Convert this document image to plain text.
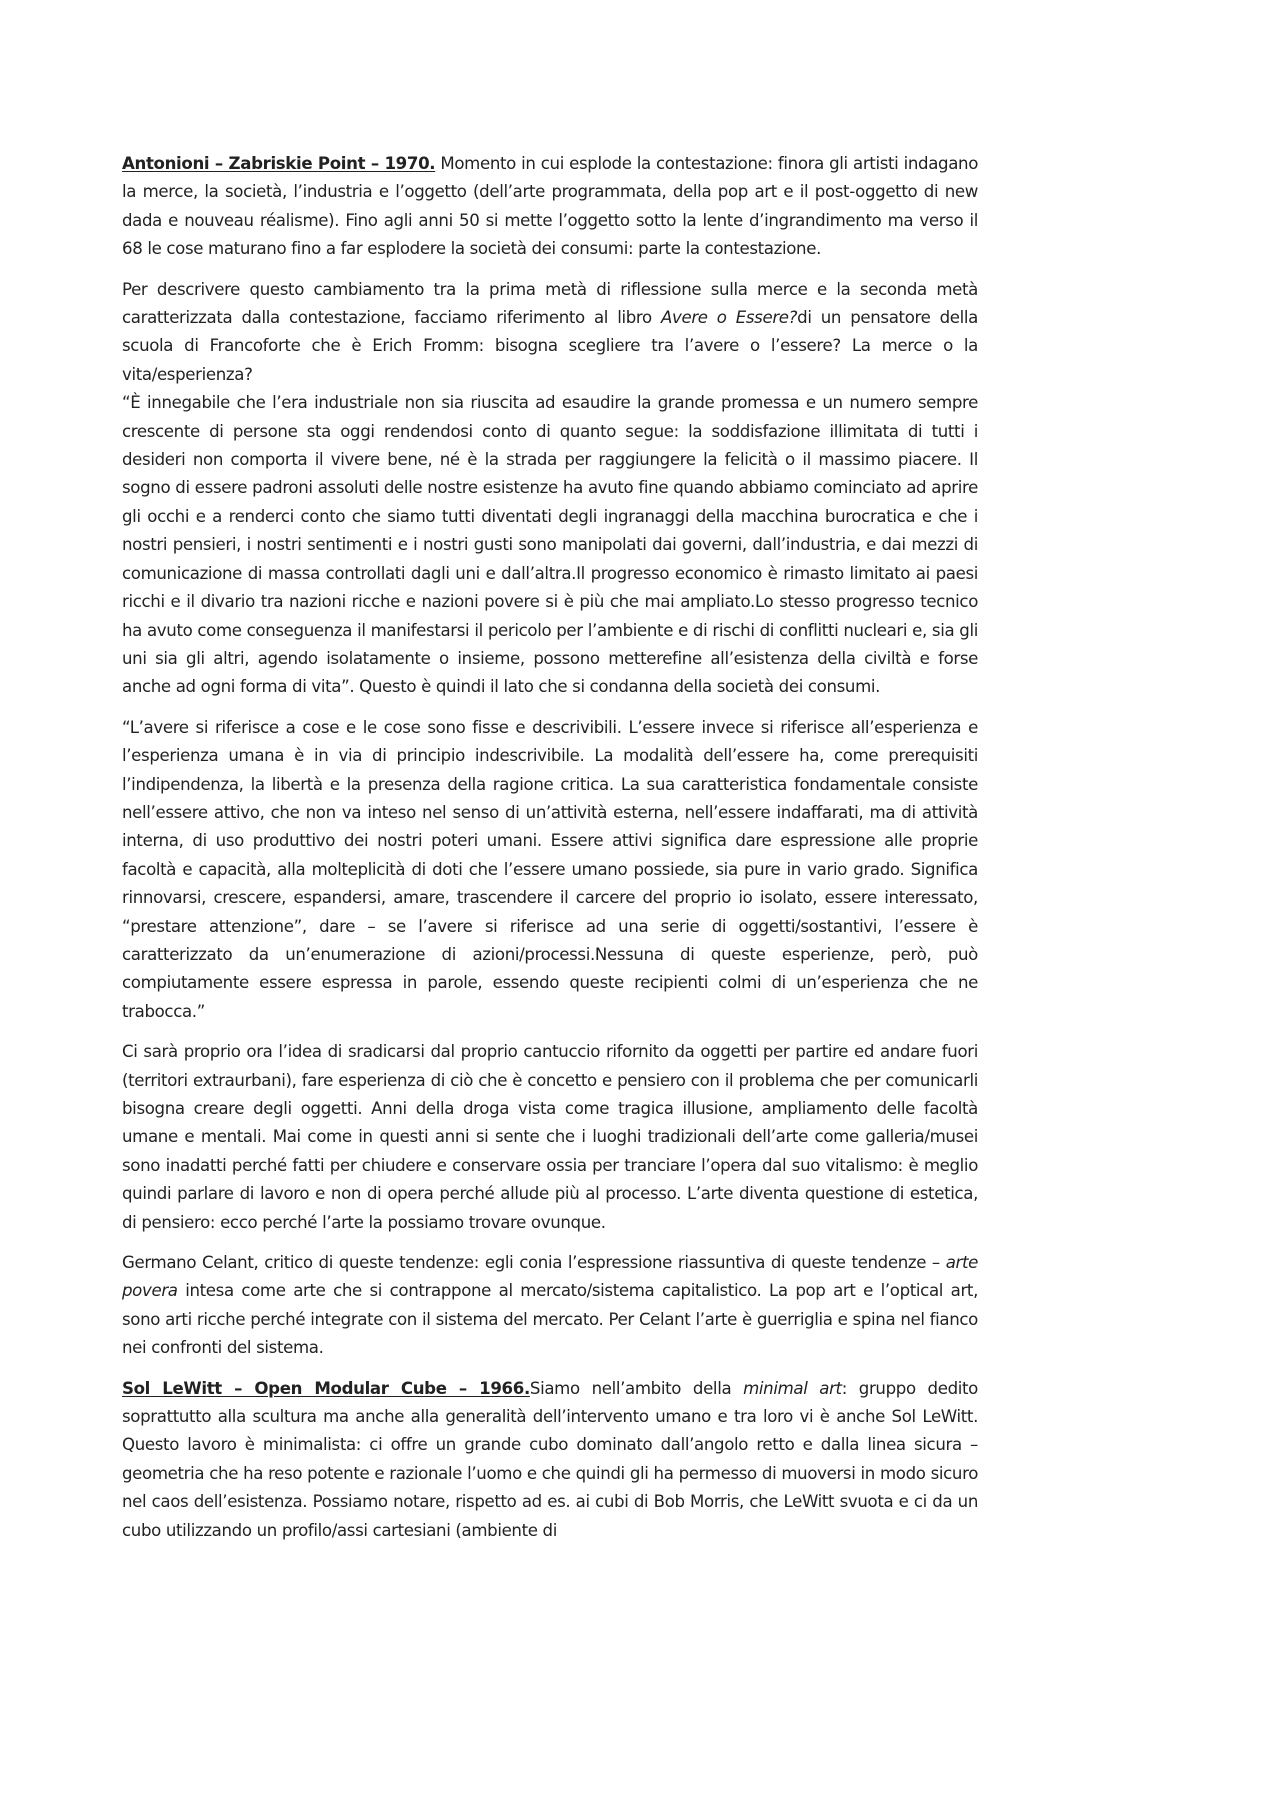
Antonioni – Zabriskie Point – 1970. Momento in cui esplode la contestazione: finora gli artisti indagano la merce, la società, l’industria e l’oggetto (dell’arte programmata, della pop art e il post-oggetto di new dada e nouveau réalisme). Fino agli anni 50 si mette l’oggetto sotto la lente d’ingrandimento ma verso il 68 le cose maturano fino a far esplodere la società dei consumi: parte la contestazione.

Per descrivere questo cambiamento tra la prima metà di riflessione sulla merce e la seconda metà caratterizzata dalla contestazione, facciamo riferimento al libro Avere o Essere?di un pensatore della scuola di Francoforte che è Erich Fromm: bisogna scegliere tra l’avere o l’essere? La merce o la vita/esperienza?

“È innegabile che l’era industriale non sia riuscita ad esaudire la grande promessa e un numero sempre crescente di persone sta oggi rendendosi conto di quanto segue: la soddisfazione illimitata di tutti i desideri non comporta il vivere bene, né è la strada per raggiungere la felicità o il massimo piacere. Il sogno di essere padroni assoluti delle nostre esistenze ha avuto fine quando abbiamo cominciato ad aprire gli occhi e a renderci conto che siamo tutti diventati degli ingranaggi della macchina burocratica e che i nostri pensieri, i nostri sentimenti e i nostri gusti sono manipolati dai governi, dall’industria, e dai mezzi di comunicazione di massa controllati dagli uni e dall’altra.Il progresso economico è rimasto limitato ai paesi ricchi e il divario tra nazioni ricche e nazioni povere si è più che mai ampliato.Lo stesso progresso tecnico ha avuto come conseguenza il manifestarsi il pericolo per l’ambiente e di rischi di conflitti nucleari e, sia gli uni sia gli altri, agendo isolatamente o insieme, possono metterefine all’esistenza della civiltà e forse anche ad ogni forma di vita”. Questo è quindi il lato che si condanna della società dei consumi.

“L’avere si riferisce a cose e le cose sono fisse e descrivibili. L’essere invece si riferisce all’esperienza e l’esperienza umana è in via di principio indescrivibile. La modalità dell’essere ha, come prerequisiti l’indipendenza, la libertà e la presenza della ragione critica. La sua caratteristica fondamentale consiste nell’essere attivo, che non va inteso nel senso di un’attività esterna, nell’essere indaffarati, ma di attività interna, di uso produttivo dei nostri poteri umani. Essere attivi significa dare espressione alle proprie facoltà e capacità, alla molteplicità di doti che l’essere umano possiede, sia pure in vario grado. Significa rinnovarsi, crescere, espandersi, amare, trascendere il carcere del proprio io isolato, essere interessato, “prestare attenzione”, dare – se l’avere si riferisce ad una serie di oggetti/sostantivi, l’essere è caratterizzato da un’enumerazione di azioni/processi.Nessuna di queste esperienze, però, può compiutamente essere espressa in parole, essendo queste recipienti colmi di un’esperienza che ne trabocca.”

Ci sarà proprio ora l’idea di sradicarsi dal proprio cantuccio rifornito da oggetti per partire ed andare fuori (territori extraurbani), fare esperienza di ciò che è concetto e pensiero con il problema che per comunicarli bisogna creare degli oggetti. Anni della droga vista come tragica illusione, ampliamento delle facoltà umane e mentali. Mai come in questi anni si sente che i luoghi tradizionali dell’arte come galleria/musei sono inadatti perché fatti per chiudere e conservare ossia per tranciare l’opera dal suo vitalismo: è meglio quindi parlare di lavoro e non di opera perché allude più al processo. L’arte diventa questione di estetica, di pensiero: ecco perché l’arte la possiamo trovare ovunque.

Germano Celant, critico di queste tendenze: egli conia l’espressione riassuntiva di queste tendenze – arte povera intesa come arte che si contrappone al mercato/sistema capitalistico. La pop art e l’optical art, sono arti ricche perché integrate con il sistema del mercato. Per Celant l’arte è guerriglia e spina nel fianco nei confronti del sistema.

Sol LeWitt – Open Modular Cube – 1966.Siamo nell’ambito della minimal art: gruppo dedito soprattutto alla scultura ma anche alla generalità dell’intervento umano e tra loro vi è anche Sol LeWitt. Questo lavoro è minimalista: ci offre un grande cubo dominato dall’angolo retto e dalla linea sicura – geometria che ha reso potente e razionale l’uomo e che quindi gli ha permesso di muoversi in modo sicuro nel caos dell’esistenza. Possiamo notare, rispetto ad es. ai cubi di Bob Morris, che LeWitt svuota e ci da un cubo utilizzando un profilo/assi cartesiani (ambiente di
